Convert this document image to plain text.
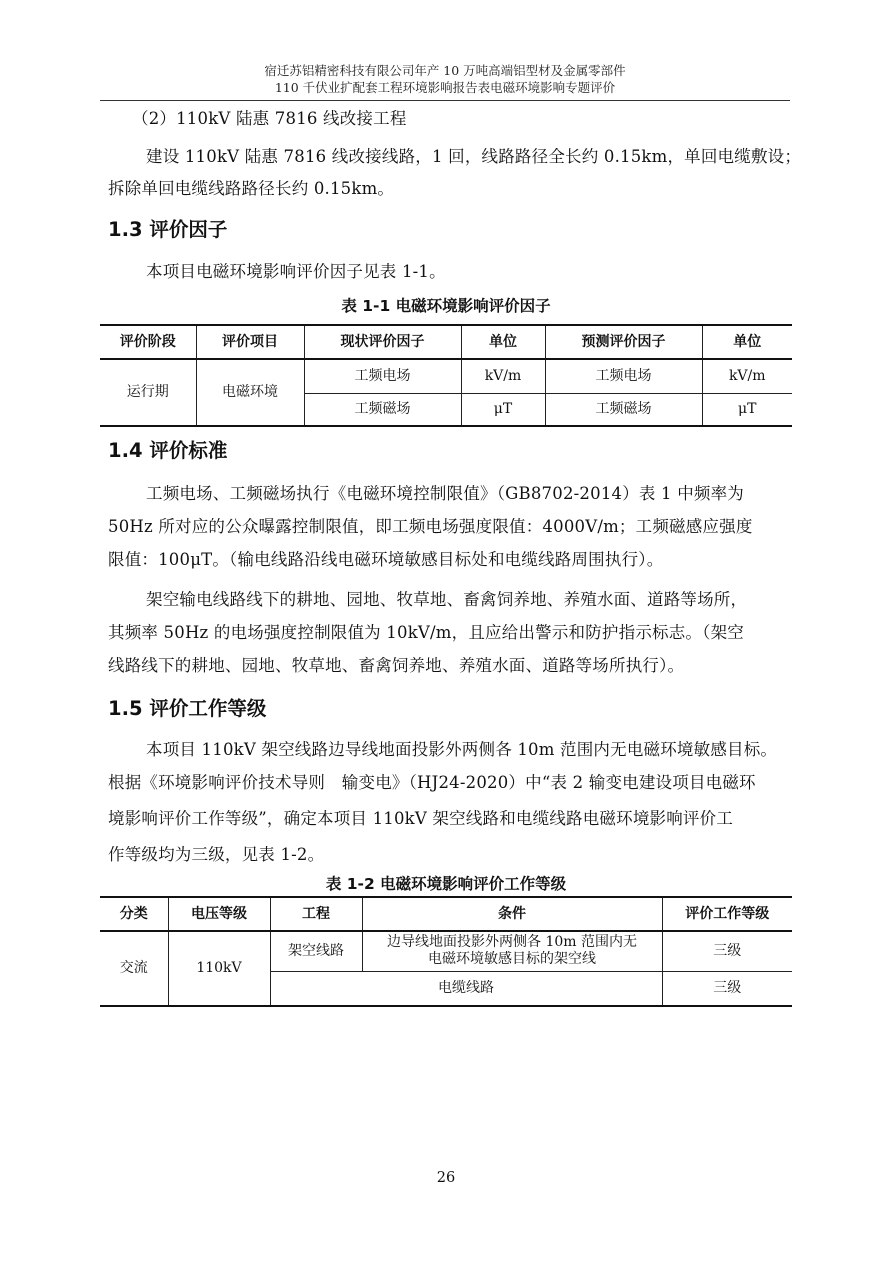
宿迁苏铝精密科技有限公司年产 10 万吨高端铝型材及金属零部件
110 千伏业扩配套工程环境影响报告表电磁环境影响专题评价
（2）110kV 陆惠 7816 线改接工程
建设 110kV 陆惠 7816 线改接线路，1 回，线路路径全长约 0.15km，单回电缆敷设；
拆除单回电缆线路路径长约 0.15km。
1.3 评价因子
本项目电磁环境影响评价因子见表 1-1。
表 1-1 电磁环境影响评价因子
评价阶段	评价项目	现状评价因子	单位	预测评价因子	单位
运行期	电磁环境	工频电场	kV/m	工频电场	kV/m
		工频磁场	μT	工频磁场	μT
1.4 评价标准
工频电场、工频磁场执行《电磁环境控制限值》（GB8702-2014）表 1 中频率为
50Hz 所对应的公众曝露控制限值，即工频电场强度限值：4000V/m；工频磁感应强度
限值：100μT。（输电线路沿线电磁环境敏感目标处和电缆线路周围执行）。
架空输电线路线下的耕地、园地、牧草地、畜禽饲养地、养殖水面、道路等场所，
其频率 50Hz 的电场强度控制限值为 10kV/m，且应给出警示和防护指示标志。（架空
线路线下的耕地、园地、牧草地、畜禽饲养地、养殖水面、道路等场所执行）。
1.5 评价工作等级
本项目 110kV 架空线路边导线地面投影外两侧各 10m 范围内无电磁环境敏感目标。
根据《环境影响评价技术导则　输变电》（HJ24-2020）中“表 2 输变电建设项目电磁环
境影响评价工作等级”，确定本项目 110kV 架空线路和电缆线路电磁环境影响评价工
作等级均为三级，见表 1-2。
表 1-2 电磁环境影响评价工作等级
分类	电压等级	工程	条件	评价工作等级
交流	110kV	架空线路	边导线地面投影外两侧各 10m 范围内无
电磁环境敏感目标的架空线	三级
		电缆线路		三级
26
